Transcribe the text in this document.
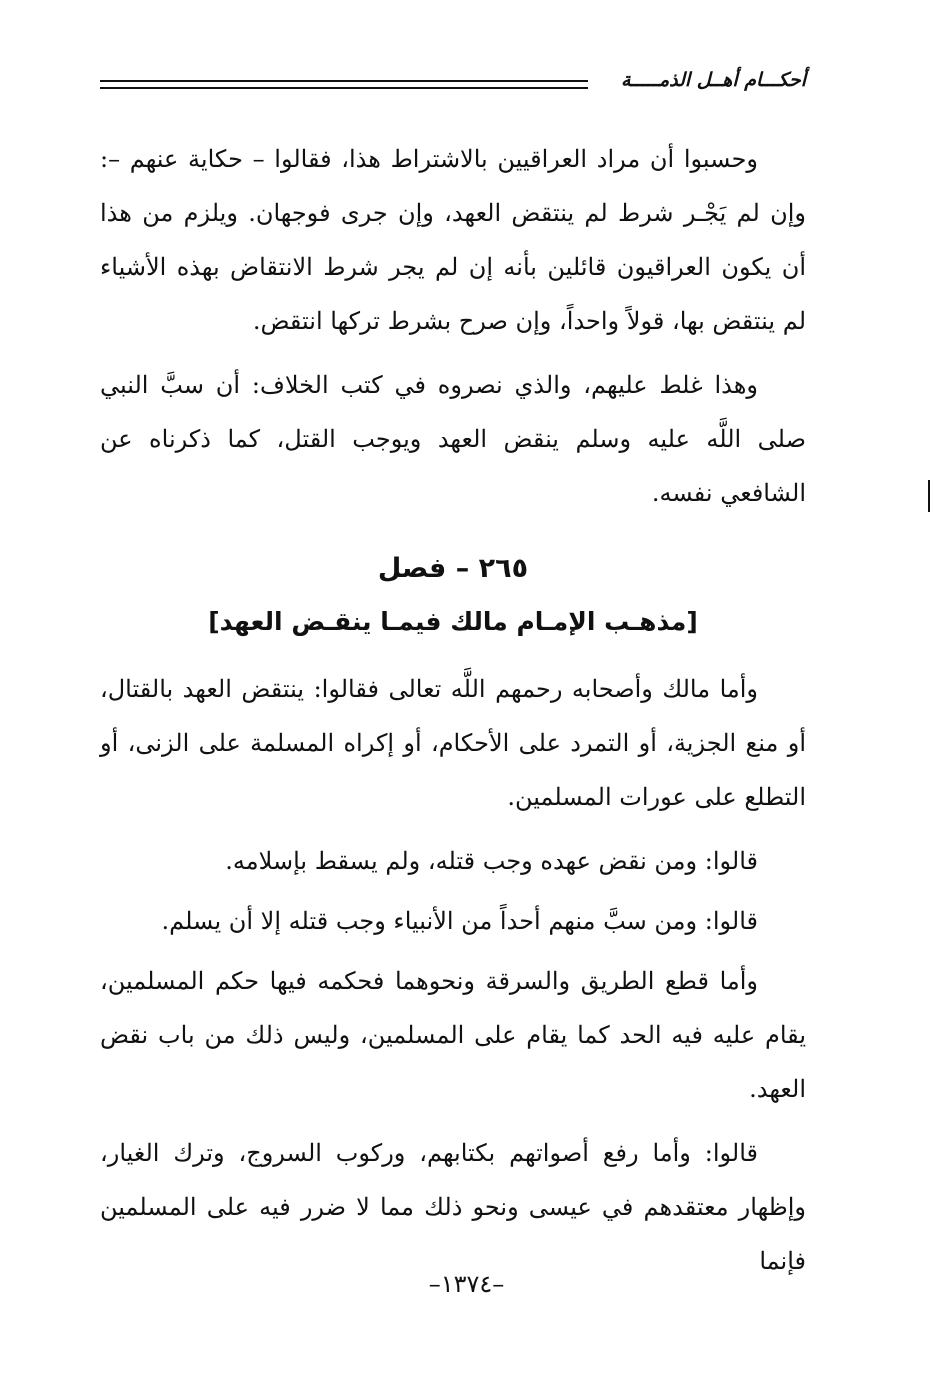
أحكـــام أهــل الذمـــــة

وحسبوا أن مراد العراقيين بالاشتراط هذا، فقالوا – حكاية عنهم –: وإن لم يَجْـر شرط لم ينتقض العهد، وإن جرى فوجهان. ويلزم من هذا أن يكون العراقيون قائلين بأنه إن لم يجر شرط الانتقاض بهذه الأشياء لم ينتقض بها، قولاً واحداً، وإن صرح بشرط تركها انتقض.

وهذا غلط عليهم، والذي نصروه في كتب الخلاف: أن سبَّ النبي صلى اللَّه عليه وسلم ينقض العهد ويوجب القتل، كما ذكرناه عن الشافعي نفسه.

٢٦٥ – فصل
[مذهـب الإمـام مالك فيمـا ينقـض العهد]

وأما مالك وأصحابه رحمهم اللَّه تعالى فقالوا: ينتقض العهد بالقتال، أو منع الجزية، أو التمرد على الأحكام، أو إكراه المسلمة على الزنى، أو التطلع على عورات المسلمين.

قالوا: ومن نقض عهده وجب قتله، ولم يسقط بإسلامه.

قالوا: ومن سبَّ منهم أحداً من الأنبياء وجب قتله إلا أن يسلم.

وأما قطع الطريق والسرقة ونحوهما فحكمه فيها حكم المسلمين، يقام عليه فيه الحد كما يقام على المسلمين، وليس ذلك من باب نقض العهد.

قالوا: وأما رفع أصواتهم بكتابهم، وركوب السروج، وترك الغيار، وإظهار معتقدهم في عيسى ونحو ذلك مما لا ضرر فيه على المسلمين فإنما

–١٣٧٤–
